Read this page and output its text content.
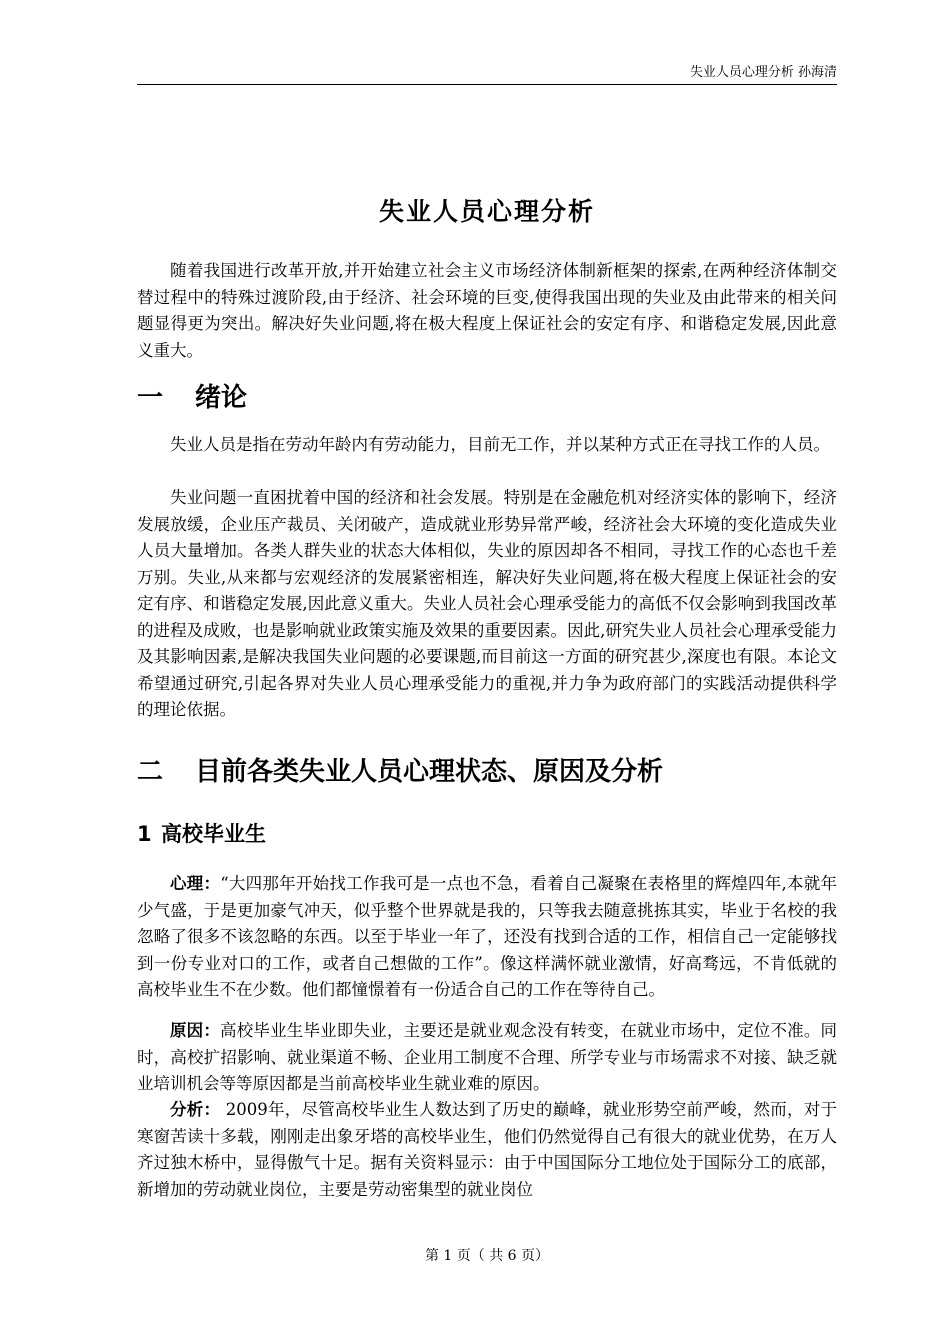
失业人员心理分析 孙海清
失业人员心理分析

随着我国进行改革开放,并开始建立社会主义市场经济体制新框架的探索,在两种经济体制交替过程中的特殊过渡阶段,由于经济、社会环境的巨变,使得我国出现的失业及由此带来的相关问题显得更为突出。解决好失业问题,将在极大程度上保证社会的安定有序、和谐稳定发展,因此意义重大。

一 绪论

失业人员是指在劳动年龄内有劳动能力，目前无工作，并以某种方式正在寻找工作的人员。

失业问题一直困扰着中国的经济和社会发展。特别是在金融危机对经济实体的影响下，经济发展放缓，企业压产裁员、关闭破产，造成就业形势异常严峻，经济社会大环境的变化造成失业人员大量增加。各类人群失业的状态大体相似，失业的原因却各不相同，寻找工作的心态也千差万别。失业,从来都与宏观经济的发展紧密相连，解决好失业问题,将在极大程度上保证社会的安定有序、和谐稳定发展,因此意义重大。失业人员社会心理承受能力的高低不仅会影响到我国改革的进程及成败，也是影响就业政策实施及效果的重要因素。因此,研究失业人员社会心理承受能力及其影响因素,是解决我国失业问题的必要课题,而目前这一方面的研究甚少,深度也有限。本论文希望通过研究,引起各界对失业人员心理承受能力的重视,并力争为政府部门的实践活动提供科学的理论依据。

二 目前各类失业人员心理状态、原因及分析
1 高校毕业生

心理：“大四那年开始找工作我可是一点也不急，看着自己凝聚在表格里的辉煌四年,本就年少气盛，于是更加豪气冲天，似乎整个世界就是我的，只等我去随意挑拣其实，毕业于名校的我忽略了很多不该忽略的东西。以至于毕业一年了，还没有找到合适的工作，相信自己一定能够找到一份专业对口的工作，或者自己想做的工作”。像这样满怀就业激情，好高骛远，不肯低就的高校毕业生不在少数。他们都憧憬着有一份适合自己的工作在等待自己。

原因：高校毕业生毕业即失业，主要还是就业观念没有转变，在就业市场中，定位不准。同时，高校扩招影响、就业渠道不畅、企业用工制度不合理、所学专业与市场需求不对接、缺乏就业培训机会等等原因都是当前高校毕业生就业难的原因。

分析： 2009年，尽管高校毕业生人数达到了历史的巅峰，就业形势空前严峻，然而，对于寒窗苦读十多载，刚刚走出象牙塔的高校毕业生，他们仍然觉得自己有很大的就业优势，在万人齐过独木桥中，显得傲气十足。据有关资料显示：由于中国国际分工地位处于国际分工的底部，新增加的劳动就业岗位，主要是劳动密集型的就业岗位

第 1 页（ 共 6 页）
